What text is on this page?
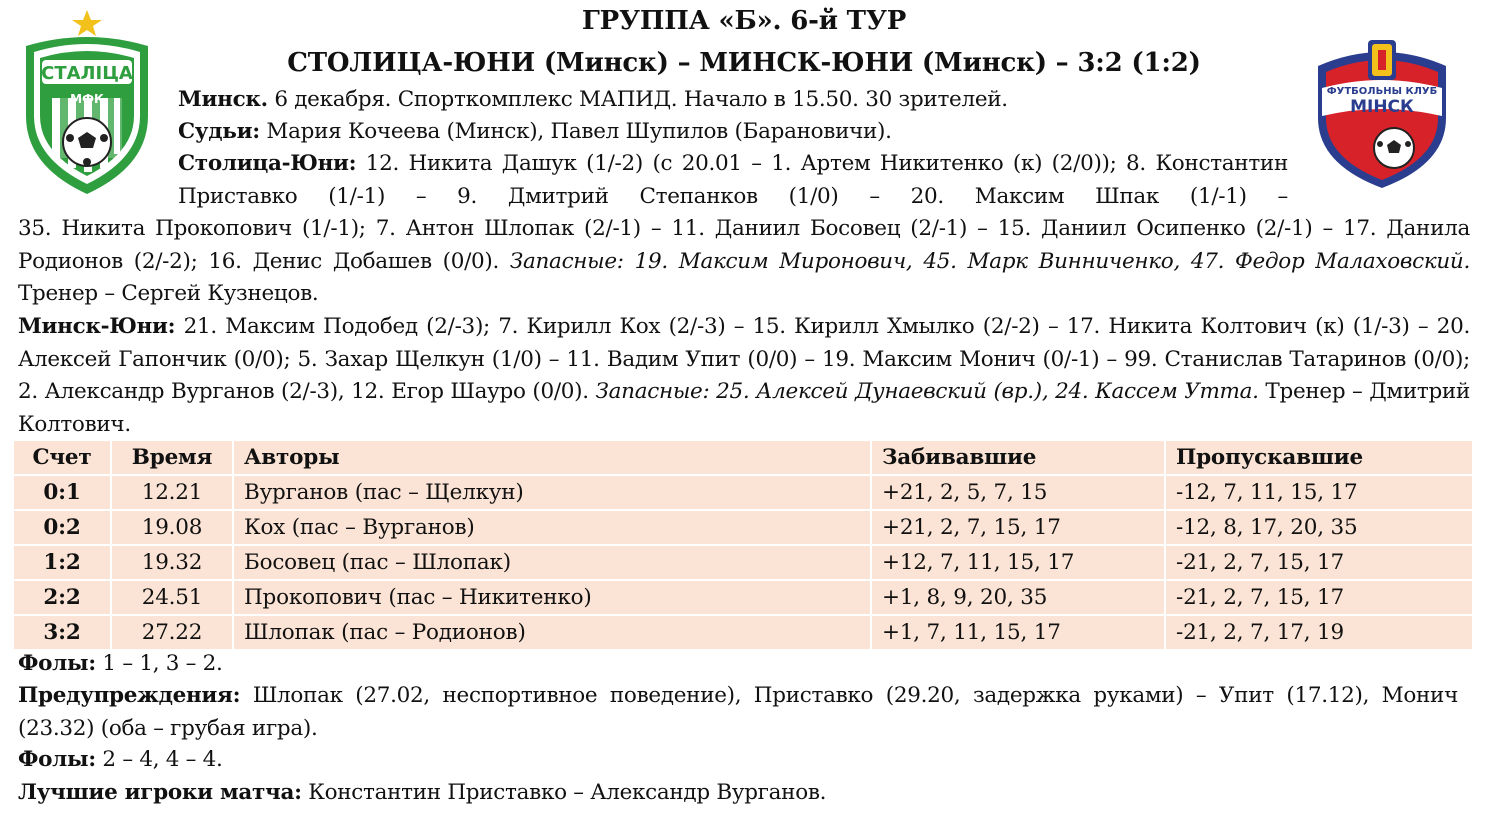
ГРУППА «Б». 6-й ТУР
СТОЛИЦА-ЮНИ (Минск) – МИНСК-ЮНИ (Минск) – 3:2 (1:2)
СТАЛIЦА
МФК
ФУТБОЛЬНЫ КЛУБ
МІНСК
Минск. 6 декабря. Спорткомплекс МАПИД. Начало в 15.50. 30 зрителей.
Судьи: Мария Кочеева (Минск), Павел Шупилов (Барановичи).
Столица-Юни: 12. Никита Дашук (1/-2) (с 20.01 – 1. Артем Никитенко (к) (2/0)); 8. Константин Приставко (1/-1) – 9. Дмитрий Степанков (1/0) – 20. Максим Шпак (1/-1) –
35. Никита Прокопович (1/-1); 7. Антон Шлопак (2/-1) – 11. Даниил Босовец (2/-1) – 15. Даниил Осипенко (2/-1) – 17. Данила Родионов (2/-2); 16. Денис Добашев (0/0). Запасные: 19. Максим Миронович, 45. Марк Винниченко, 47. Федор Малаховский. Тренер – Сергей Кузнецов.
Минск-Юни: 21. Максим Подобед (2/-3); 7. Кирилл Кох (2/-3) – 15. Кирилл Хмылко (2/-2) – 17. Никита Колтович (к) (1/-3) – 20. Алексей Гапончик (0/0); 5. Захар Щелкун (1/0) – 11. Вадим Упит (0/0) – 19. Максим Монич (0/-1) – 99. Станислав Татаринов (0/0); 2. Александр Вурганов (2/-3), 12. Егор Шауро (0/0). Запасные: 25. Алексей Дунаевский (вр.), 24. Кассем Утта. Тренер – Дмитрий Колтович.
Счет	Время	Авторы	Забивавшие	Пропускавшие
0:1	12.21	Вурганов (пас – Щелкун)	+21, 2, 5, 7, 15	-12, 7, 11, 15, 17
0:2	19.08	Кох (пас – Вурганов)	+21, 2, 7, 15, 17	-12, 8, 17, 20, 35
1:2	19.32	Босовец (пас – Шлопак)	+12, 7, 11, 15, 17	-21, 2, 7, 15, 17
2:2	24.51	Прокопович (пас – Никитенко)	+1, 8, 9, 20, 35	-21, 2, 7, 15, 17
3:2	27.22	Шлопак (пас – Родионов)	+1, 7, 11, 15, 17	-21, 2, 7, 17, 19
Фолы: 1 – 1, 3 – 2.
Предупреждения: Шлопак (27.02, неспортивное поведение), Приставко (29.20, задержка руками) – Упит (17.12), Монич (23.32) (оба – грубая игра).
Фолы: 2 – 4, 4 – 4.
Лучшие игроки матча: Константин Приставко – Александр Вурганов.
